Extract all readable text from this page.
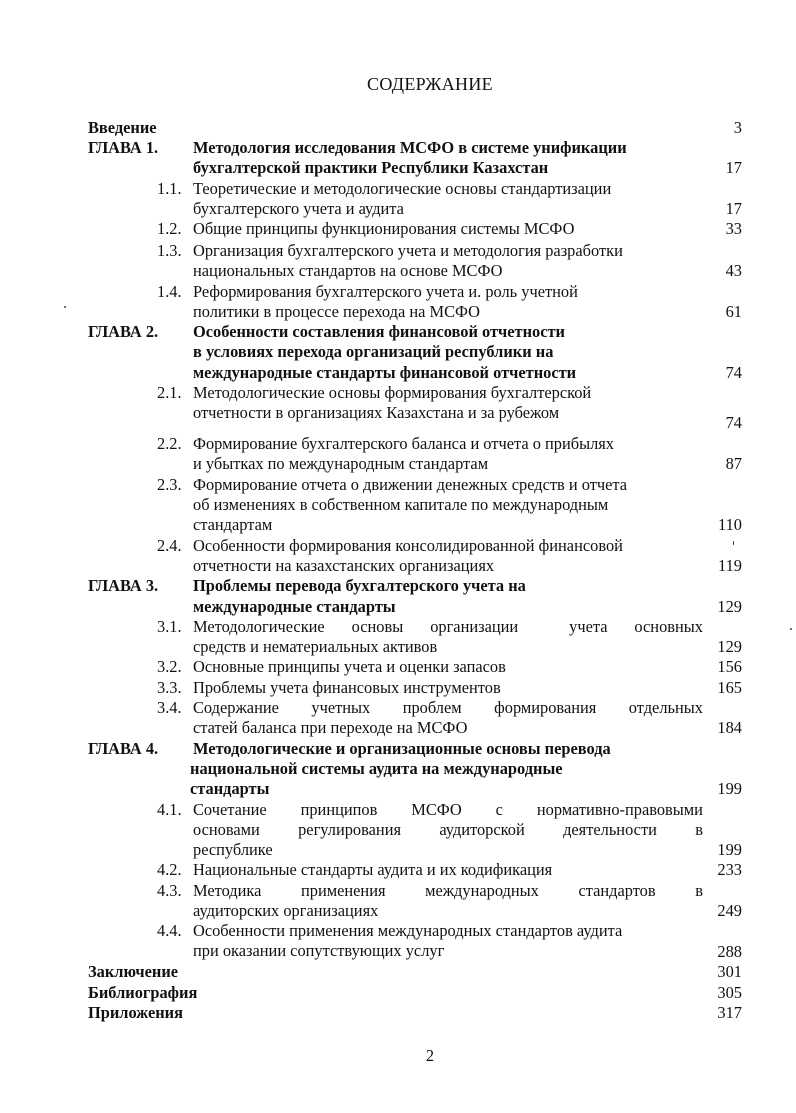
СОДЕРЖАНИЕ
Введение	3
ГЛАВА 1. Методология исследования МСФО в системе унификации
бухгалтерской практики Республики Казахстан	17
1.1. Теоретические и методологические основы стандартизации
бухгалтерского учета и аудита	17
1.2. Общие принципы функционирования системы МСФО	33
1.3. Организация бухгалтерского учета и методология разработки
национальных стандартов на основе МСФО	43
1.4. Реформирования бухгалтерского учета и. роль учетной
политики в процессе перехода на МСФО	61
ГЛАВА 2. Особенности составления финансовой отчетности
в условиях перехода организаций республики на
международные стандарты финансовой отчетности	74
2.1. Методологические основы формирования бухгалтерской
отчетности в организациях Казахстана и за рубежом
74
2.2. Формирование бухгалтерского баланса и отчета о прибылях
и убытках по международным стандартам	87
2.3. Формирование отчета о движении денежных средств и отчета
об изменениях в собственном капитале по международным
стандартам	110
2.4. Особенности формирования консолидированной финансовой
отчетности на казахстанских организациях	119
ГЛАВА 3. Проблемы перевода бухгалтерского учета на
международные стандарты	129
3.1. Методологические основы организации	учета основных
средств и нематериальных активов	129
3.2. Основные принципы учета и оценки запасов	156
3.3. Проблемы учета финансовых инструментов	165
3.4. Содержание учетных проблем формирования отдельных
статей баланса при переходе на МСФО	184
ГЛАВА 4. Методологические и организационные основы перевода
национальной системы аудита на международные
стандарты	199
4.1. Сочетание принципов МСФО с нормативно-правовыми
основами регулирования аудиторской деятельности в
республике	199
4.2. Национальные стандарты аудита и их кодификация	233
4.3. Методика применения международных стандартов в
аудиторских организациях	249
4.4. Особенности применения международных стандартов аудита
при оказании сопутствующих услуг	288
Заключение	301
Библиография	305
Приложения	317
2
